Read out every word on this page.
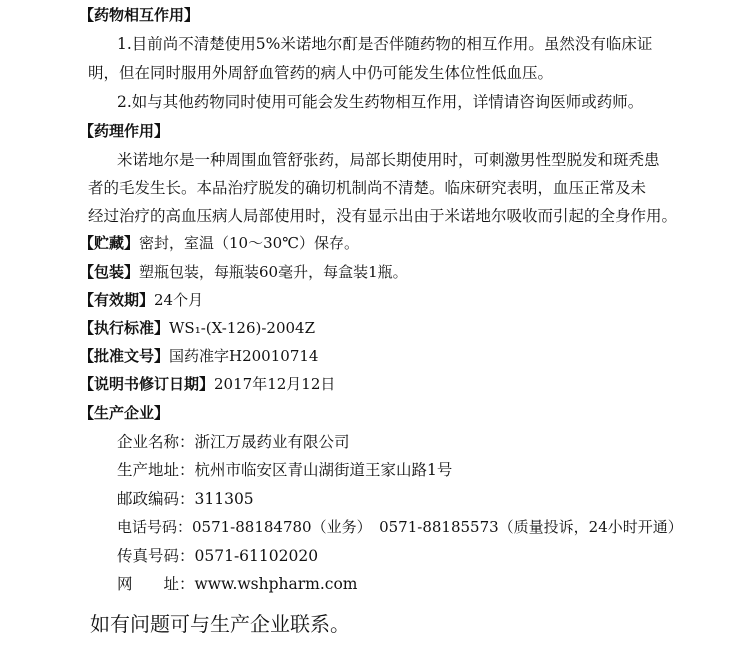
【药物相互作用】
1.目前尚不清楚使用5%米诺地尔酊是否伴随药物的相互作用。虽然没有临床证
明，但在同时服用外周舒血管药的病人中仍可能发生体位性低血压。
2.如与其他药物同时使用可能会发生药物相互作用，详情请咨询医师或药师。
【药理作用】
米诺地尔是一种周围血管舒张药，局部长期使用时，可刺激男性型脱发和斑秃患
者的毛发生长。本品治疗脱发的确切机制尚不清楚。临床研究表明，血压正常及未
经过治疗的高血压病人局部使用时，没有显示出由于米诺地尔吸收而引起的全身作用。
【贮藏】密封，室温（10～30℃）保存。
【包装】塑瓶包装，每瓶装60毫升，每盒装1瓶。
【有效期】24个月
【执行标准】WS₁-(X-126)-2004Z
【批准文号】国药准字H20010714
【说明书修订日期】2017年12月12日
【生产企业】
企业名称：浙江万晟药业有限公司
生产地址：杭州市临安区青山湖街道王家山路1号
邮政编码：311305
电话号码：0571-88184780（业务）　0571-88185573（质量投诉，24小时开通）
传真号码：0571-61102020
网　　址：www.wshpharm.com
如有问题可与生产企业联系。
